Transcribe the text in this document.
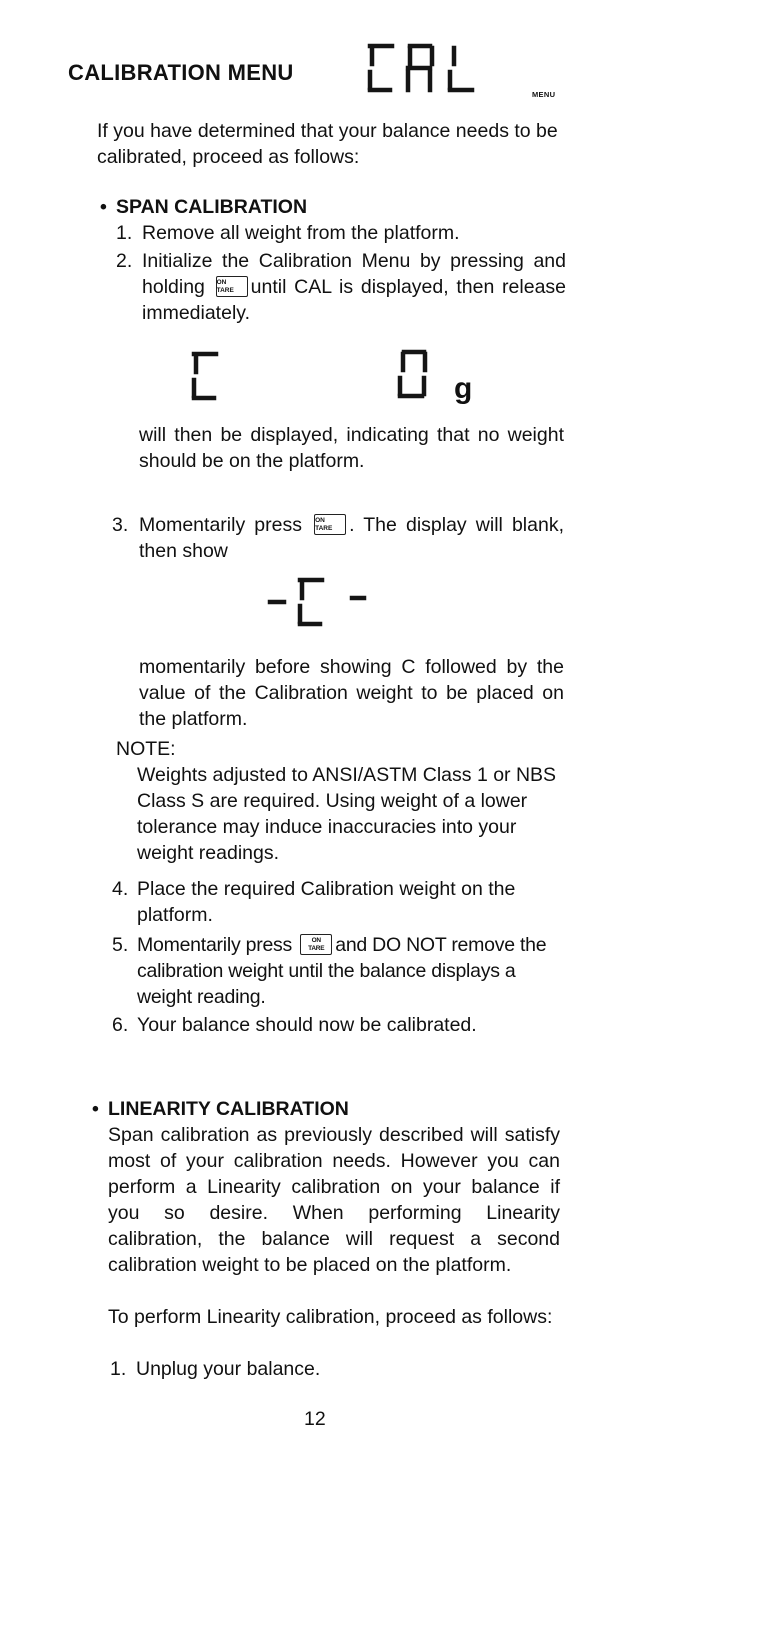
CALIBRATION MENU
MENU
If you have determined that your balance needs to be calibrated, proceed as follows:
• SPAN CALIBRATION
1. Remove all weight from the platform.
2. Initialize the Calibration Menu by pressing and holding ON
TARE until CAL is displayed, then release immediately.
g
will then be displayed, indicating that no weight should be on the platform.
3. Momentarily press ON
TARE . The display will blank, then show
momentarily before showing C followed by the value of the Calibration weight to be placed on the platform.
NOTE:
Weights adjusted to ANSI/ASTM Class 1 or NBS Class S are required. Using weight of a lower tolerance may induce inaccuracies into your weight readings.
4. Place the required Calibration weight on the platform.
5. Momentarily press	ON
TARE and DO NOT remove the calibration weight until the balance displays a weight reading.
6. Your balance should now be calibrated.
• LINEARITY CALIBRATION
Span calibration as previously described will satisfy most of your calibration needs. However you can perform a Linearity calibration on your balance if you so desire. When performing Linearity calibration, the balance will request a second calibration weight to be placed on the platform.
To perform Linearity calibration, proceed as follows:
1. Unplug your balance.
12
